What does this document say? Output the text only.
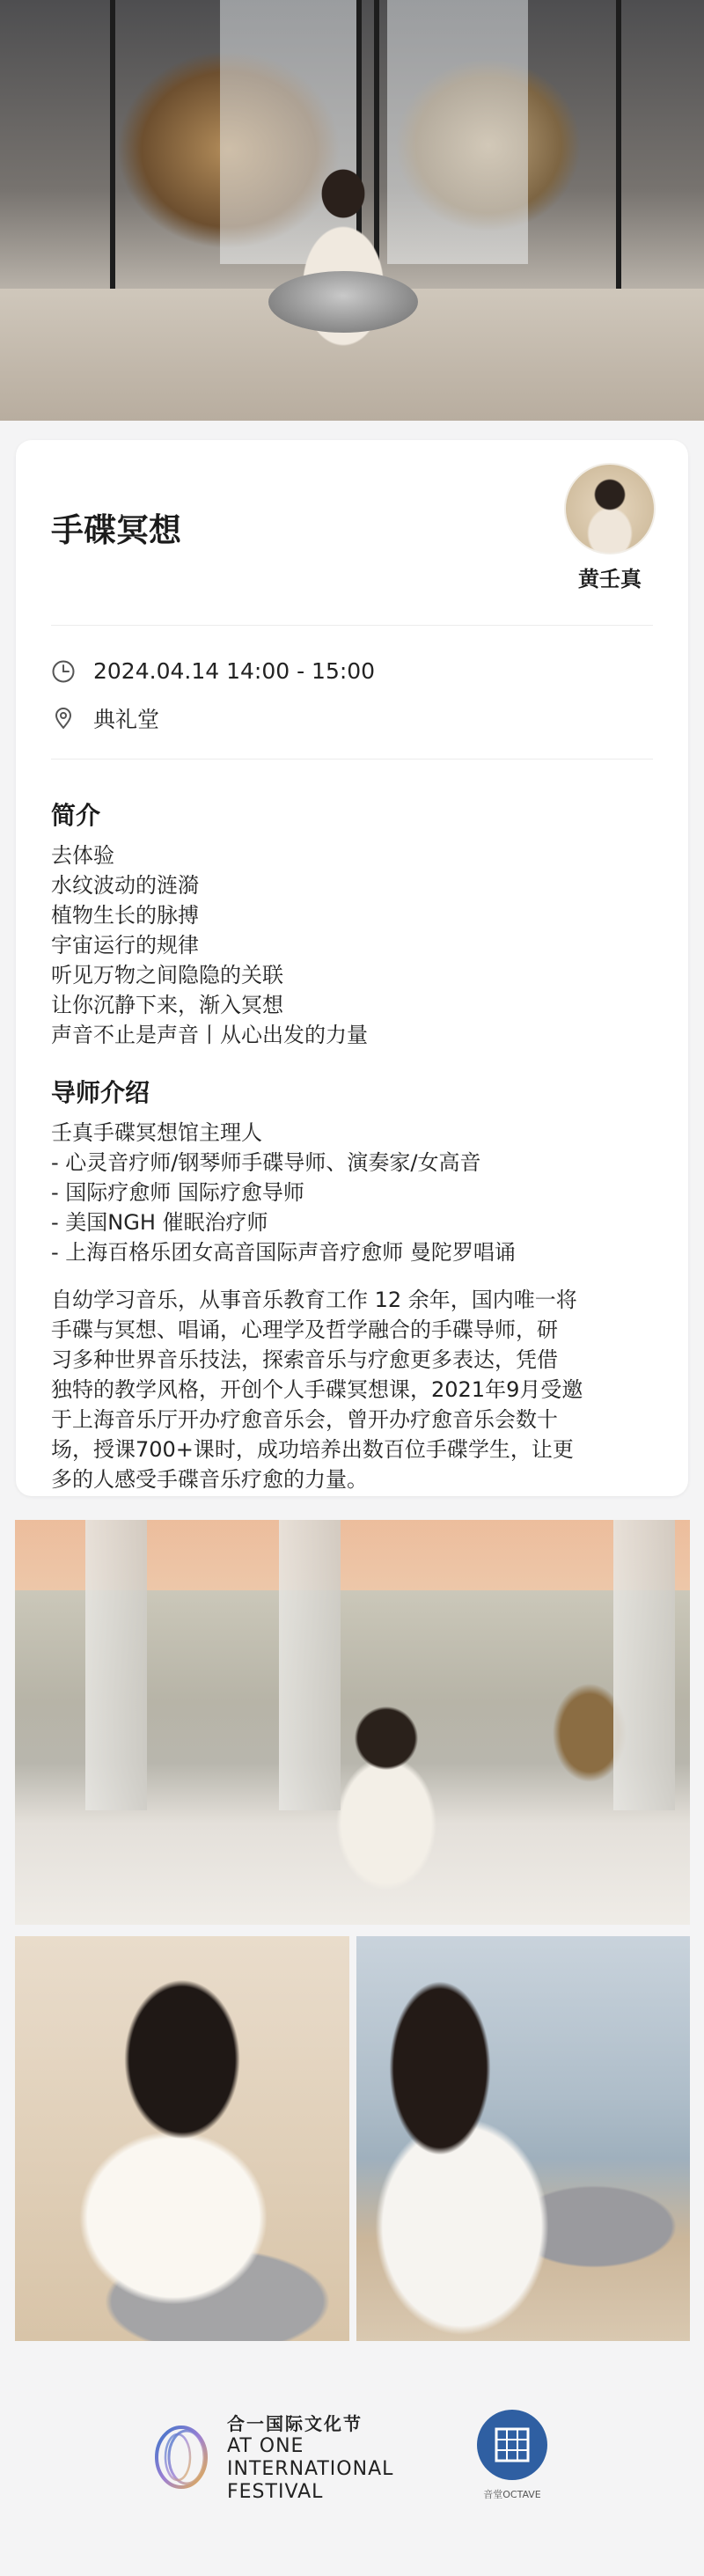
手碟冥想
黄壬真
2024.04.14 14:00 - 15:00
典礼堂
简介
去体验
水纹波动的涟漪
植物生长的脉搏
宇宙运行的规律
听见万物之间隐隐的关联
让你沉静下来，渐入冥想
声音不止是声音丨从心出发的力量
导师介绍
壬真手碟冥想馆主理人
- 心灵音疗师/钢琴师手碟导师、演奏家/女高音
- 国际疗愈师 国际疗愈导师
- 美国NGH 催眠治疗师
- 上海百格乐团女高音国际声音疗愈师 曼陀罗唱诵
自幼学习音乐，从事音乐教育工作 12 余年，国内唯一将
手碟与冥想、唱诵，心理学及哲学融合的手碟导师，研
习多种世界音乐技法，探索音乐与疗愈更多表达，凭借
独特的教学风格，开创个人手碟冥想课，2021年9月受邀
于上海音乐厅开办疗愈音乐会，曾开办疗愈音乐会数十
场，授课700+课时，成功培养出数百位手碟学生，让更
多的人感受手碟音乐疗愈的力量。
合一国际文化节
AT ONE
INTERNATIONAL
FESTIVAL	音堂OCTAVE
